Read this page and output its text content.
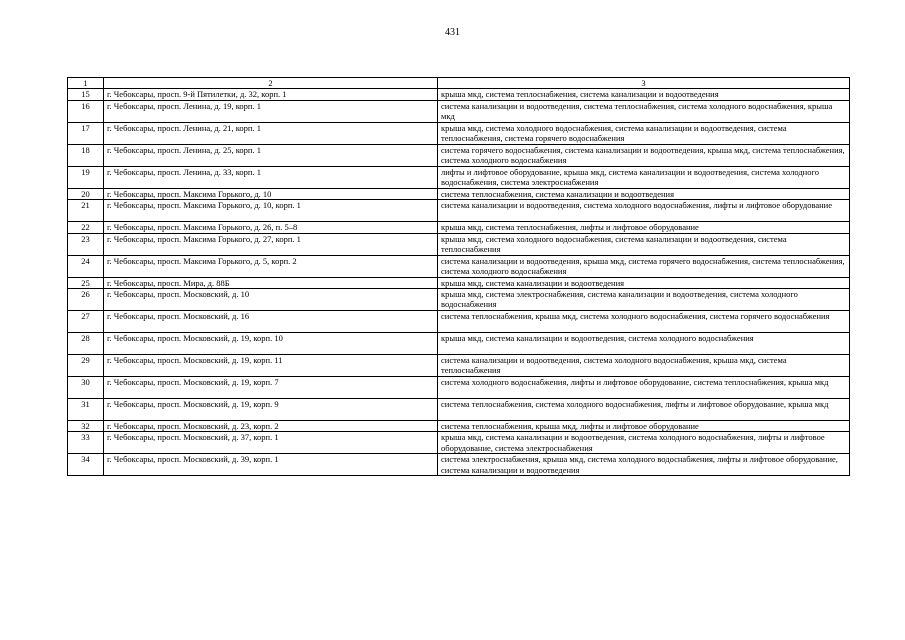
431
1	2	3
15	г. Чебоксары, просп. 9-й Пятилетки, д. 32, корп. 1	крыша мкд, система теплоснабжения, система канализации и водоотведения
16	г. Чебоксары, просп. Ленина, д. 19, корп. 1	система канализации и водоотведения, система теплоснабжения, система холодного водоснабжения, крыша мкд
17	г. Чебоксары, просп. Ленина, д. 21, корп. 1	крыша мкд, система холодного водоснабжения, система канализации и водоотведения, система теплоснабжения, система горячего водоснабжения
18	г. Чебоксары, просп. Ленина, д. 25, корп. 1	система горячего водоснабжения, система канализации и водоотведения, крыша мкд, система теплоснабжения, система холодного водоснабжения
19	г. Чебоксары, просп. Ленина, д. 33, корп. 1	лифты и лифтовое оборудование, крыша мкд, система канализации и водоотведения, система холодного водоснабжения, система электроснабжения
20	г. Чебоксары, просп. Максима Горького, д. 10	система теплоснабжения, система канализации и водоотведения
21	г. Чебоксары, просп. Максима Горького, д. 10, корп. 1	система канализации и водоотведения, система холодного водоснабжения, лифты и лифтовое оборудование
22	г. Чебоксары, просп. Максима Горького, д. 26, п. 5–8	крыша мкд, система теплоснабжения, лифты и лифтовое оборудование
23	г. Чебоксары, просп. Максима Горького, д. 27, корп. 1	крыша мкд, система холодного водоснабжения, система канализации и водоотведения, система теплоснабжения
24	г. Чебоксары, просп. Максима Горького, д. 5, корп. 2	система канализации и водоотведения, крыша мкд, система горячего водоснабжения, система теплоснабжения, система холодного водоснабжения
25	г. Чебоксары, просп. Мира, д. 88Б	крыша мкд, система канализации и водоотведения
26	г. Чебоксары, просп. Московский, д. 10	крыша мкд, система электроснабжения, система канализации и водоотведения, система холодного водоснабжения
27	г. Чебоксары, просп. Московский, д. 16	система теплоснабжения, крыша мкд, система холодного водоснабжения, система горячего водоснабжения
28	г. Чебоксары, просп. Московский, д. 19, корп. 10	крыша мкд, система канализации и водоотведения, система холодного водоснабжения
29	г. Чебоксары, просп. Московский, д. 19, корп. 11	система канализации и водоотведения, система холодного водоснабжения, крыша мкд, система теплоснабжения
30	г. Чебоксары, просп. Московский, д. 19, корп. 7	система холодного водоснабжения, лифты и лифтовое оборудование, система теплоснабжения, крыша мкд
31	г. Чебоксары, просп. Московский, д. 19, корп. 9	система теплоснабжения, система холодного водоснабжения, лифты и лифтовое оборудование, крыша мкд
32	г. Чебоксары, просп. Московский, д. 23, корп. 2	система теплоснабжения, крыша мкд, лифты и лифтовое оборудование
33	г. Чебоксары, просп. Московский, д. 37, корп. 1	крыша мкд, система канализации и водоотведения, система холодного водоснабжения, лифты и лифтовое оборудование, система электроснабжения
34	г. Чебоксары, просп. Московский, д. 39, корп. 1	система электроснабжения, крыша мкд, система холодного водоснабжения, лифты и лифтовое оборудование, система канализации и водоотведения
